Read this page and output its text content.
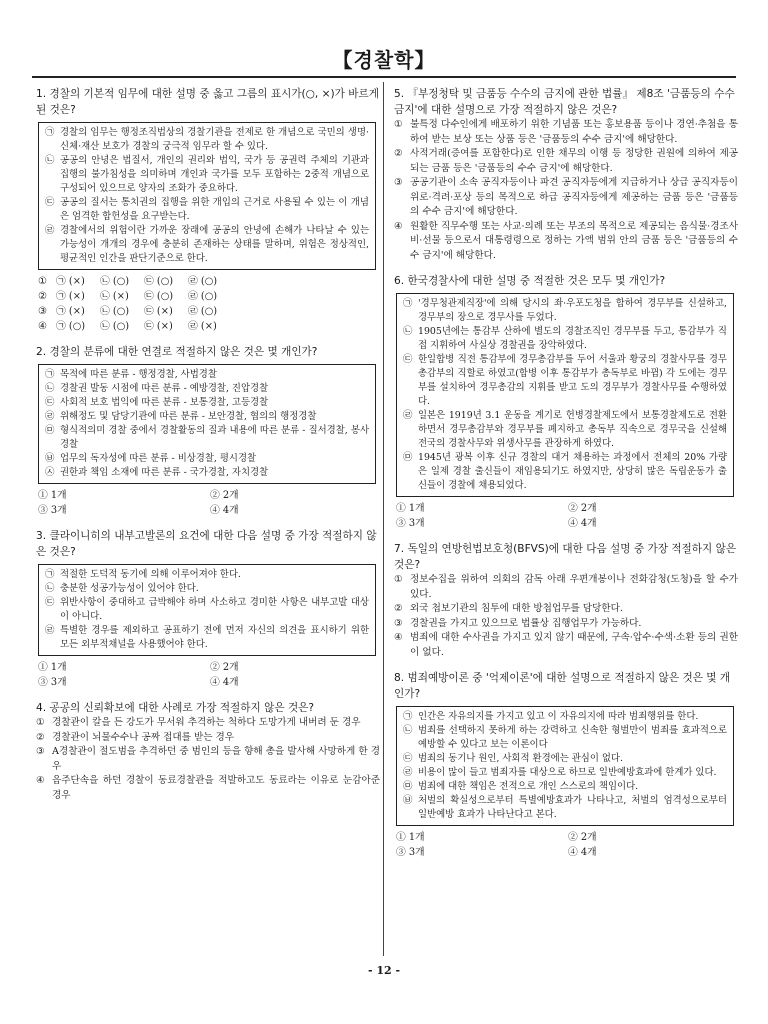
【경찰학】
1. 경찰의 기본적 임무에 대한 설명 중 옳고 그름의 표시가(○, ×)가 바르게 된 것은?
㉠ 경찰의 임무는 행정조직법상의 경찰기관을 전제로 한 개념으로 국민의 생명·신체·재산 보호가 경찰의 궁극적 임무라 할 수 있다.
㉡ 공공의 안녕은 법질서, 개인의 권리와 법익, 국가 등 공권력 주체의 기관과 집행의 불가침성을 의미하며 개인과 국가를 모두 포함하는 2중적 개념으로 구성되어 있으므로 양자의 조화가 중요하다.
㉢ 공공의 질서는 통치권의 집행을 위한 개입의 근거로 사용될 수 있는 이 개념은 엄격한 합헌성을 요구받는다.
㉣ 경찰에서의 위험이란 가까운 장래에 공공의 안녕에 손해가 나타날 수 있는 가능성이 개개의 경우에 충분히 존재하는 상태를 말하며, 위험은 정상적인, 평균적인 인간을 판단기준으로 한다.
① ㉠ (×)	㉡ (○)	㉢ (○)	㉣ (○)
② ㉠ (×)	㉡ (×)	㉢ (○)	㉣ (○)
③ ㉠ (×)	㉡ (○)	㉢ (×)	㉣ (○)
④ ㉠ (○)	㉡ (○)	㉢ (×)	㉣ (×)
2. 경찰의 분류에 대한 연결로 적절하지 않은 것은 몇 개인가?
㉠ 목적에 따른 분류 - 행정경찰, 사법경찰
㉡ 경찰권 발동 시점에 따른 분류 - 예방경찰, 진압경찰
㉢ 사회적 보호 법익에 따른 분류 - 보통경찰, 고등경찰
㉣ 위해정도 및 담당기관에 따른 분류 - 보안경찰, 협의의 행정경찰
㉤ 형식적의미 경찰 중에서 경찰활동의 질과 내용에 따른 분류 - 질서경찰, 봉사경찰
㉥ 업무의 독자성에 따른 분류 - 비상경찰, 평시경찰
㉦ 권한과 책임 소재에 따른 분류 - 국가경찰, 자치경찰
① 1개	② 2개
③ 3개	④ 4개
3. 클라이니히의 내부고발론의 요건에 대한 다음 설명 중 가장 적절하지 않은 것은?
㉠ 적절한 도덕적 동기에 의해 이루어져야 한다.
㉡ 충분한 성공가능성이 있어야 한다.
㉢ 위반사항이 중대하고 급박해야 하며 사소하고 경미한 사항은 내부고발 대상이 아니다.
㉣ 특별한 경우를 제외하고 공표하기 전에 먼저 자신의 의견을 표시하기 위한 모든 외부적채널을 사용했어야 한다.
① 1개	② 2개
③ 3개	④ 4개
4. 공공의 신뢰확보에 대한 사례로 가장 적절하지 않은 것은?
① 경찰관이 칼을 든 강도가 무서워 추격하는 척하다 도망가게 내버려 둔 경우
② 경찰관이 뇌물수수나 공짜 접대를 받는 경우
③ A경찰관이 절도범을 추격하던 중 범인의 등을 향해 총을 발사해 사망하게 한 경우
④ 음주단속을 하던 경찰이 동료경찰관을 적발하고도 동료라는 이유로 눈감아준 경우
5. 『부정청탁 및 금품등 수수의 금지에 관한 법률』 제8조 '금품등의 수수 금지'에 대한 설명으로 가장 적절하지 않은 것은?
① 불특정 다수인에게 배포하기 위한 기념품 또는 홍보용품 등이나 경연·추첨을 통하여 받는 보상 또는 상품 등은 '금품등의 수수 금지'에 해당한다.
② 사적거래(증여를 포함한다)로 인한 채무의 이행 등 정당한 권원에 의하여 제공되는 금품 등은 '금품등의 수수 금지'에 해당한다.
③ 공공기관이 소속 공직자등이나 파견 공직자등에게 지급하거나 상급 공직자등이 위로·격려·포상 등의 목적으로 하급 공직자등에게 제공하는 금품 등은 '금품등의 수수 금지'에 해당한다.
④ 원활한 직무수행 또는 사교·의례 또는 부조의 목적으로 제공되는 음식물·경조사비·선물 등으로서 대통령령으로 정하는 가액 범위 안의 금품 등은 '금품등의 수수 금지'에 해당한다.
6. 한국경찰사에 대한 설명 중 적절한 것은 모두 몇 개인가?
㉠ '경무청관제직장'에 의해 당시의 좌·우포도청을 합하여 경무부를 신설하고, 경무부의 장으로 경무사를 두었다.
㉡ 1905년에는 통감부 산하에 별도의 경찰조직인 경무부를 두고, 통감부가 직접 지휘하여 사실상 경찰권을 장악하였다.
㉢ 한일합병 직전 통감부에 경무총감부를 두어 서울과 황궁의 경찰사무를 경무총감부의 직할로 하였고(합병 이후 통감부가 총독부로 바뀜) 각 도에는 경무부를 설치하여 경무총감의 지휘를 받고 도의 경무부가 경찰사무를 수행하였다.
㉣ 일본은 1919년 3.1 운동을 계기로 헌병경찰제도에서 보통경찰제도로 전환하면서 경무총감부와 경무부를 폐지하고 총독부 직속으로 경무국을 신설해 전국의 경찰사무와 위생사무를 관장하게 하였다.
㉤ 1945년 광복 이후 신규 경찰의 대거 채용하는 과정에서 전체의 20% 가량은 일제 경찰 출신들이 재임용되기도 하였지만, 상당히 많은 독립운동가 출신들이 경찰에 채용되었다.
① 1개	② 2개
③ 3개	④ 4개
7. 독일의 연방헌법보호청(BFVS)에 대한 다음 설명 중 가장 적절하지 않은 것은?
① 정보수집을 위하여 의회의 감독 아래 우편개봉이나 전화감청(도청)을 할 수가 있다.
② 외국 첩보기관의 침투에 대한 방첩업무를 담당한다.
③ 경찰권을 가지고 있으므로 법률상 집행업무가 가능하다.
④ 범죄에 대한 수사권을 가지고 있지 않기 때문에, 구속·압수·수색·소환 등의 권한이 없다.
8. 범죄예방이론 중 '억제이론'에 대한 설명으로 적절하지 않은 것은 몇 개인가?
㉠ 인간은 자유의지를 가지고 있고 이 자유의지에 따라 범죄행위를 한다.
㉡ 범죄를 선택하지 못하게 하는 강력하고 신속한 형벌만이 범죄를 효과적으로 예방할 수 있다고 보는 이론이다
㉢ 범죄의 동기나 원인, 사회적 환경에는 관심이 없다.
㉣ 비용이 많이 들고 범죄자를 대상으로 하므로 일반예방효과에 한계가 있다.
㉤ 범죄에 대한 책임은 전적으로 개인 스스로의 책임이다.
㉥ 처벌의 확실성으로부터 특별예방효과가 나타나고, 처벌의 엄격성으로부터 일반예방 효과가 나타난다고 본다.
① 1개	② 2개
③ 3개	④ 4개
- 12 -
